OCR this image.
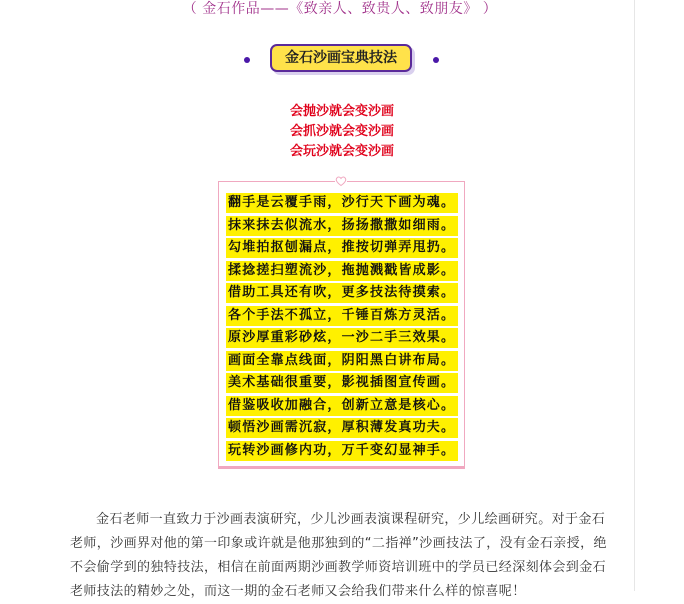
（ 金石作品——《致亲人、致贵人、致朋友》 ）
金石沙画宝典技法
会抛沙就会变沙画
会抓沙就会变沙画
会玩沙就会变沙画
翻手是云覆手雨，沙行天下画为魂。
抹来抹去似流水，扬扬撒撒如细雨。
勾堆拍抠刨漏点，推按切弹弄甩扔。
揉捻搓扫塑流沙，拖抛溅戳皆成影。
借助工具还有吹，更多技法待摸索。
各个手法不孤立，千锤百炼方灵活。
原沙厚重彩砂炫，一沙二手三效果。
画面全靠点线面，阴阳黑白讲布局。
美术基础很重要，影视插图宣传画。
借鉴吸收加融合，创新立意是核心。
顿悟沙画需沉寂，厚积薄发真功夫。
玩转沙画修内功，万千变幻显神手。

金石老师一直致力于沙画表演研究，少儿沙画表演课程研究，少儿绘画研究。对于金石老师，沙画界对他的第一印象或许就是他那独到的“二指禅”沙画技法了，没有金石亲授，绝不会偷学到的独特技法，相信在前面两期沙画教学师资培训班中的学员已经深刻体会到金石老师技法的精妙之处，而这一期的金石老师又会给我们带来什么样的惊喜呢！
